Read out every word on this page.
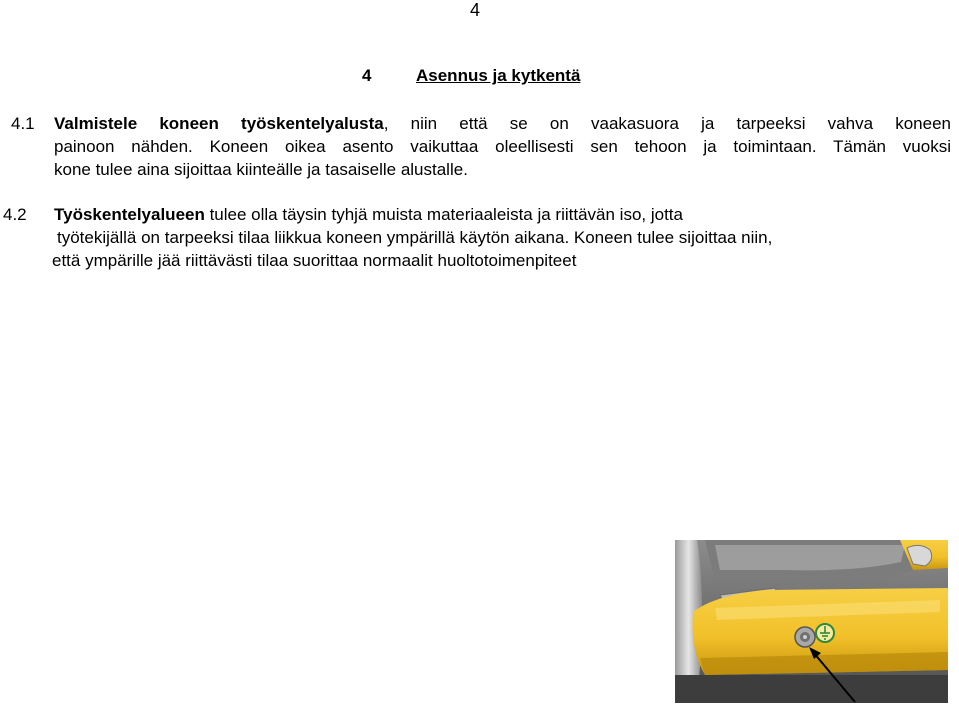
4
4	Asennus ja kytkentä
4.1 Valmistele koneen työskentelyalusta, niin että se on vaakasuora ja tarpeeksi vahva koneen
painoon nähden. Koneen oikea asento vaikuttaa oleellisesti sen tehoon ja toimintaan. Tämän vuoksi
kone tulee aina sijoittaa kiinteälle ja tasaiselle alustalle.
4.2 Työskentelyalueen tulee olla täysin tyhjä muista materiaaleista ja riittävän iso, jotta
työtekijällä on tarpeeksi tilaa liikkua koneen ympärillä käytön aikana. Koneen tulee sijoittaa niin,
että ympärille jää riittävästi tilaa suorittaa normaalit huoltotoimenpiteet
